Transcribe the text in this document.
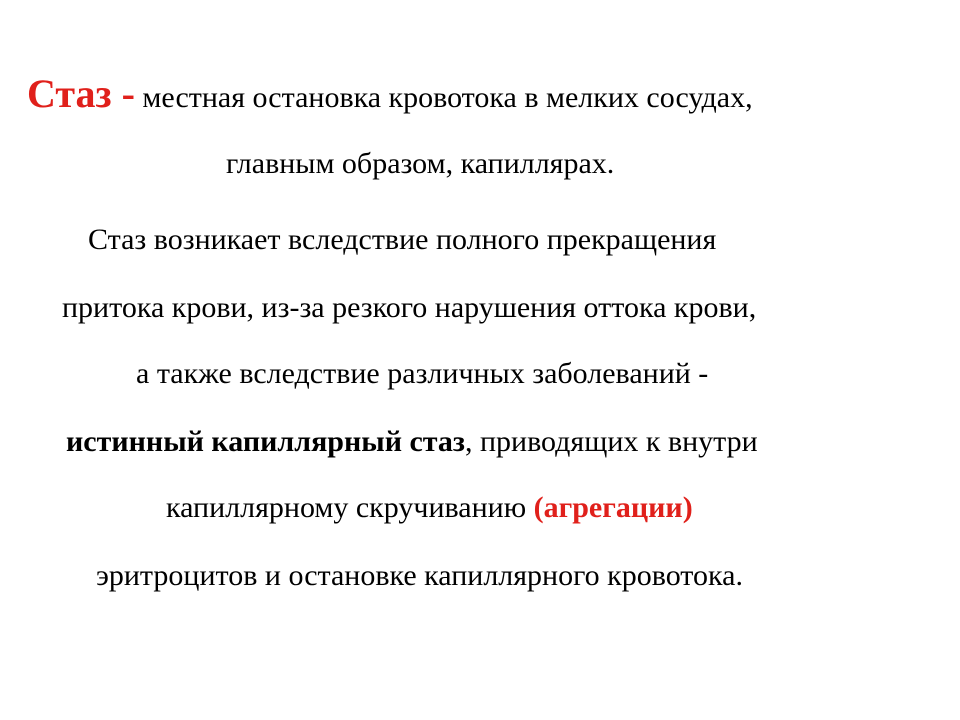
Стаз - местная остановка кровотока в мелких сосудах,
главным образом, капиллярах.
Стаз возникает вследствие полного прекращения
притока крови, из-за резкого нарушения оттока крови,
а также вследствие различных заболеваний -
истинный капиллярный стаз, приводящих к внутри
капиллярному скручиванию (агрегации)
эритроцитов и остановке капиллярного кровотока.
